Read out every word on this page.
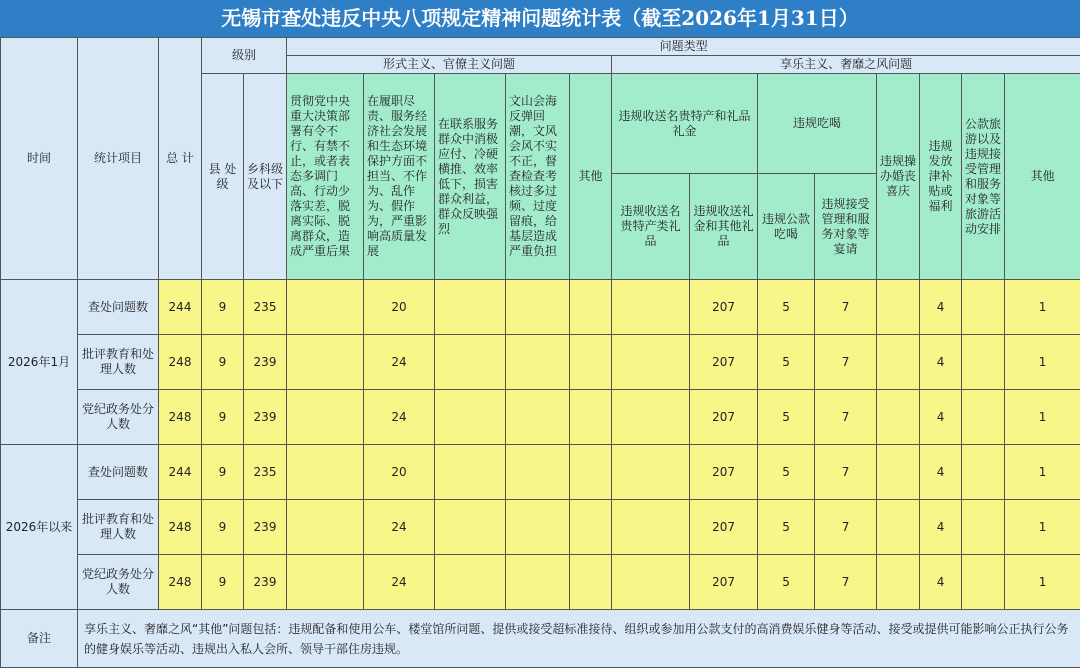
无锡市查处违反中央八项规定精神问题统计表（截至2026年1月31日）
时间	统计项目	总 计	级别		问题类型												
					形式主义、官僚主义问题					享乐主义、奢靡之风问题							
			县 处级	乡科级及以下	贯彻党中央重大决策部署有令不行、有禁不止，或者表态多调门高、行动少落实差，脱离实际、脱离群众，造成严重后果	在履职尽责、服务经济社会发展和生态环境保护方面不担当、不作为、乱作为、假作为，严重影响高质量发展	在联系服务群众中消极应付、冷硬横推、效率低下，损害群众利益，群众反映强烈	文山会海反弹回潮，文风会风不实不正，督查检查考核过多过频、过度留痕，给基层造成严重负担	其他	违规收送名贵特产和礼品礼金		违规吃喝		违规操办婚丧喜庆	违规发放津补贴或福利	公款旅游以及违规接受管理和服务对象等旅游活动安排	其他
										违规收送名贵特产类礼品	违规收送礼金和其他礼品	违规公款吃喝	违规接受管理和服务对象等宴请				

2026年1月	查处问题数	244	9	235		20					207	5	7		4		1
	批评教育和处理人数	248	9	239		24					207	5	7		4		1
	党纪政务处分人数	248	9	239		24					207	5	7		4		1
2026年以来	查处问题数	244	9	235		20					207	5	7		4		1
	批评教育和处理人数	248	9	239		24					207	5	7		4		1
	党纪政务处分人数	248	9	239		24					207	5	7		4		1
备注	享乐主义、奢靡之风“其他”问题包括：违规配备和使用公车、楼堂馆所问题、提供或接受超标准接待、组织或参加用公款支付的高消费娱乐健身等活动、接受或提供可能影响公正执行公务的健身娱乐等活动、违规出入私人会所、领导干部住房违规。																
